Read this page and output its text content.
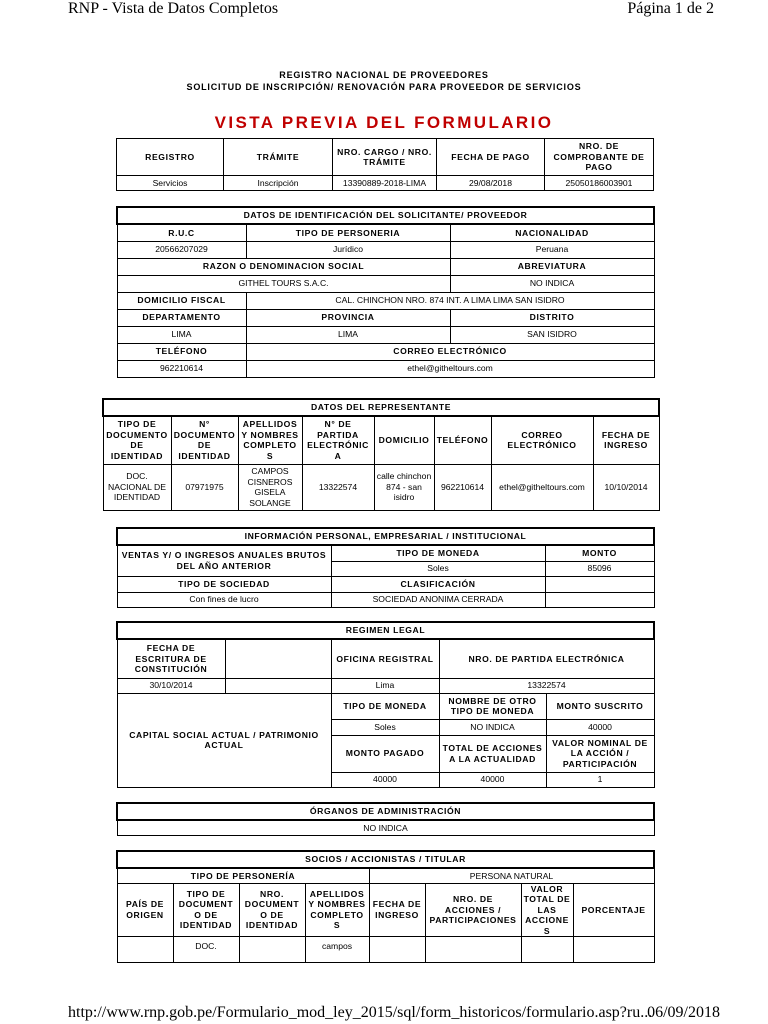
RNP - Vista de Datos Completos	Página 1 de 2
REGISTRO NACIONAL DE PROVEEDORES
SOLICITUD DE INSCRIPCIÓN/ RENOVACIÓN PARA PROVEEDOR DE SERVICIOS
VISTA PREVIA DEL FORMULARIO
REGISTRO	TRÁMITE	NRO. CARGO / NRO. TRÁMITE	FECHA DE PAGO	NRO. DE COMPROBANTE DE PAGO
Servicios	Inscripción	13390889-2018-LIMA	29/08/2018	25050186003901
DATOS DE IDENTIFICACIÓN DEL SOLICITANTE/ PROVEEDOR		
R.U.C	TIPO DE PERSONERIA	NACIONALIDAD
20566207029	Jurídico	Peruana
RAZON O DENOMINACION SOCIAL		ABREVIATURA
GITHEL TOURS S.A.C.		NO INDICA
DOMICILIO FISCAL	CAL. CHINCHON NRO. 874 INT. A LIMA LIMA SAN ISIDRO	
DEPARTAMENTO	PROVINCIA	DISTRITO
LIMA	LIMA	SAN ISIDRO
TELÉFONO	CORREO ELECTRÓNICO	
962210614	ethel@githeltours.com	
DATOS DEL REPRESENTANTE							
TIPO DE DOCUMENTO DE IDENTIDAD	N° DOCUMENTO DE IDENTIDAD	APELLIDOS Y NOMBRES COMPLETOS	N° DE PARTIDA ELECTRÓNICA	DOMICILIO	TELÉFONO	CORREO ELECTRÓNICO	FECHA DE INGRESO
DOC. NACIONAL DE IDENTIDAD	07971975	CAMPOS CISNEROS GISELA SOLANGE	13322574	calle chinchon 874 - san isidro	962210614	ethel@githeltours.com	10/10/2014
INFORMACIÓN PERSONAL, EMPRESARIAL / INSTITUCIONAL		
VENTAS Y/ O INGRESOS ANUALES BRUTOS DEL AÑO ANTERIOR	TIPO DE MONEDA	MONTO
	Soles	85096
TIPO DE SOCIEDAD	CLASIFICACIÓN	
Con fines de lucro	SOCIEDAD ANONIMA CERRADA	
REGIMEN LEGAL				
FECHA DE ESCRITURA DE CONSTITUCIÓN		OFICINA REGISTRAL	NRO. DE PARTIDA ELECTRÓNICA	
30/10/2014		Lima	13322574	
CAPITAL SOCIAL ACTUAL / PATRIMONIO ACTUAL		TIPO DE MONEDA	NOMBRE DE OTRO TIPO DE MONEDA	MONTO SUSCRITO
		Soles	NO INDICA	40000
		MONTO PAGADO	TOTAL DE ACCIONES A LA ACTUALIDAD	VALOR NOMINAL DE LA ACCIÓN / PARTICIPACIÓN
		40000	40000	1
ÓRGANOS DE ADMINISTRACIÓN
NO INDICA
SOCIOS / ACCIONISTAS / TITULAR							
TIPO DE PERSONERÍA				PERSONA NATURAL			
PAÍS DE ORIGEN	TIPO DE DOCUMENTO DE IDENTIDAD	NRO. DOCUMENTO DE IDENTIDAD	APELLIDOS Y NOMBRES COMPLETOS	FECHA DE INGRESO	NRO. DE ACCIONES / PARTICIPACIONES	VALOR TOTAL DE LAS ACCIONES	PORCENTAJE
	DOC.		campos				
http://www.rnp.gob.pe/Formulario_mod_ley_2015/sql/form_historicos/formulario.asp?ru...
06/09/2018
